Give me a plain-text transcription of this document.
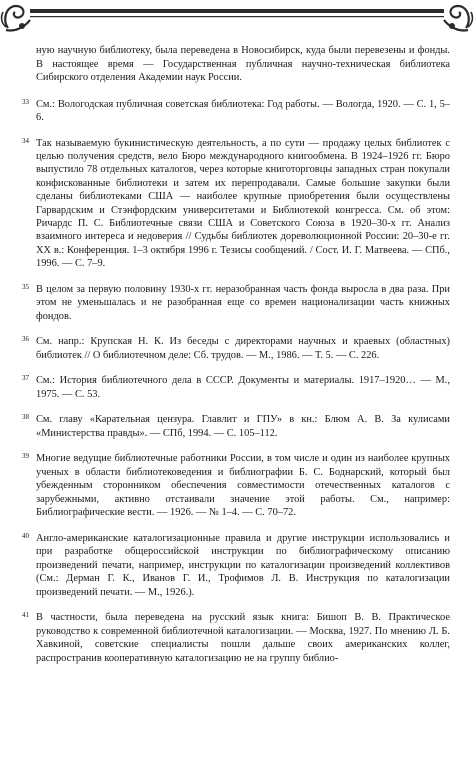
ную научную библиотеку, была переведена в Новосибирск, куда были перевезены и фонды. В настоящее время — Государственная публичная научно-техническая библиотека Сибирского отделения Академии наук России.

33 См.: Вологодская публичная советская библиотека: Год работы. — Вологда, 1920. — С. 1, 5–6.
34 Так называемую букинистическую деятельность, а по сути — продажу целых библиотек с целью получения средств, вело Бюро международного книгообмена. В 1924–1926 гг. Бюро выпустило 78 отдельных каталогов, через которые книготорговцы западных стран покупали конфискованные библиотеки и затем их перепродавали. Самые большие закупки были сделаны библиотеками США — наиболее крупные приобретения были осуществлены Гарвардским и Стэнфордским университетами и Библиотекой конгресса. См. об этом: Ричардс П. С. Библиотечные связи США и Советского Союза в 1920–30-х гг. Анализ взаимного интереса и недоверия // Судьбы библиотек дореволюционной России: 20–30-е гг. XX в.: Конференция. 1–3 октября 1996 г. Тезисы сообщений. / Сост. И. Г. Матвеева. — СПб., 1996. — С. 7–9.
35 В целом за первую половину 1930-х гг. неразобранная часть фонда выросла в два раза. При этом не уменьшалась и не разобранная еще со времен национализации часть книжных фондов.
36 См. напр.: Крупская Н. К. Из беседы с директорами научных и краевых (областных) библиотек // О библиотечном деле: Сб. трудов. — М., 1986. — Т. 5. — С. 226.
37 См.: История библиотечного дела в СССР. Документы и материалы. 1917–1920… — М., 1975. — С. 53.
38 См. главу «Карательная цензура. Главлит и ГПУ» в кн.: Блюм А. В. За кулисами «Министерства правды». — СПб, 1994. — С. 105–112.
39 Многие ведущие библиотечные работники России, в том числе и один из наиболее крупных ученых в области библиотековедения и библиографии Б. С. Боднарский, который был убежденным сторонником обеспечения совместимости отечественных каталогов с зарубежными, активно отстаивали значение этой работы. См., например: Библиографические вести. — 1926. — № 1–4. — С. 70–72.
40 Англо-американские каталогизационные правила и другие инструкции использовались и при разработке общероссийской инструкции по библиографическому описанию произведений печати, например, инструкции по каталогизации произведений коллективов (См.: Дерман Г. К., Иванов Г. И., Трофимов Л. В. Инструкция по каталогизации произведений печати. — М., 1926.).
41 В частности, была переведена на русский язык книга: Бишоп В. В. Практическое руководство к современной библиотечной каталогизации. — Москва, 1927. По мнению Л. Б. Хавкиной, советские специалисты пошли дальше своих американских коллег, распространив кооперативную каталогизацию не на группу библио-
